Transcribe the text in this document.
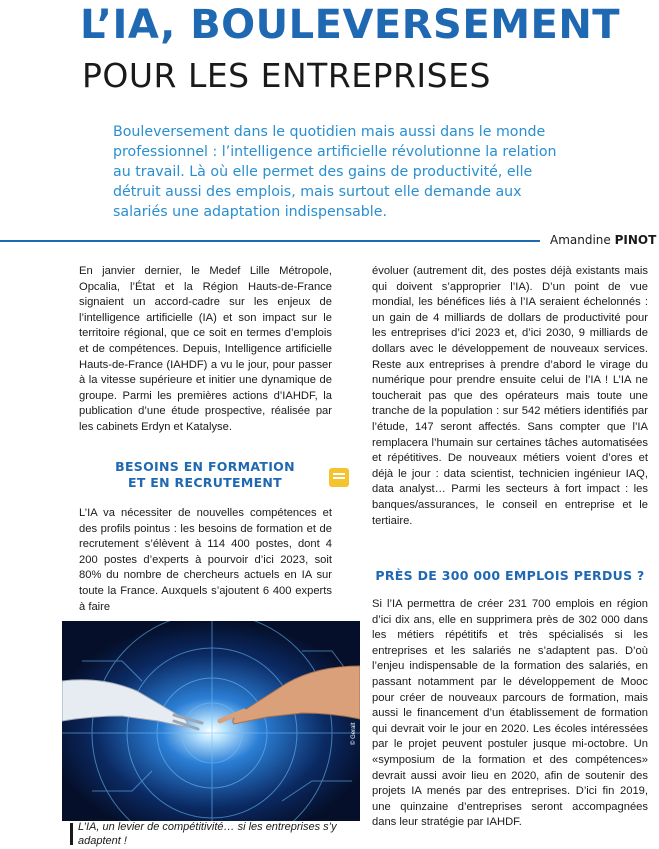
L’IA, BOULEVERSEMENT
POUR LES ENTREPRISES

Bouleversement dans le quotidien mais aussi dans le monde professionnel : l’intelligence artificielle révolutionne la relation au travail. Là où elle permet des gains de productivité, elle détruit aussi des emplois, mais surtout elle demande aux salariés une adaptation indispensable.

Amandine PINOT

En janvier dernier, le Medef Lille Métropole, Opcalia, l’État et la Région Hauts-de-France signaient un accord-cadre sur les enjeux de l’intelligence artificielle (IA) et son impact sur le territoire régional, que ce soit en termes d’emplois et de compétences. Depuis, Intelligence artificielle Hauts-de-France (IAHDF) a vu le jour, pour passer à la vitesse supérieure et initier une dynamique de groupe. Parmi les premières actions d’IAHDF, la publication d’une étude prospective, réalisée par les cabinets Erdyn et Katalyse.

BESOINS EN FORMATION
ET EN RECRUTEMENT

L’IA va nécessiter de nouvelles compétences et des profils pointus : les besoins de formation et de recrutement s’élèvent à 114 400 postes, dont 4 200 postes d’experts à pourvoir d’ici 2023, soit 80% du nombre de chercheurs actuels en IA sur toute la France. Auxquels s’ajoutent 6 400 experts à faire

évoluer (autrement dit, des postes déjà existants mais qui doivent s’approprier l’IA). D’un point de vue mondial, les bénéfices liés à l’IA seraient échelonnés : un gain de 4 milliards de dollars de productivité pour les entreprises d’ici 2023 et, d’ici 2030, 9 milliards de dollars avec le développement de nouveaux services. Reste aux entreprises à prendre d’abord le virage du numérique pour prendre ensuite celui de l’IA ! L’IA ne toucherait pas que des opérateurs mais toute une tranche de la population : sur 542 métiers identifiés par l’étude, 147 seront affectés. Sans compter que l’IA remplacera l’humain sur certaines tâches automatisées et répétitives. De nouveaux métiers voient d’ores et déjà le jour : data scientist, technicien ingénieur IAQ, data analyst… Parmi les secteurs à fort impact : les banques/assurances, le conseil en entreprise et le tertiaire.

PRÈS DE 300 000 EMPLOIS PERDUS ?

Si l’IA permettra de créer 231 700 emplois en région d’ici dix ans, elle en supprimera près de 302 000 dans les métiers répétitifs et très spécialisés si les entreprises et les salariés ne s’adaptent pas. D’où l’enjeu indispensable de la formation des salariés, en passant notamment par le développement de Mooc pour créer de nouveaux parcours de formation, mais aussi le financement d’un établissement de formation qui devrait voir le jour en 2020. Les écoles intéressées par le projet peuvent postuler jusque mi-octobre. Un «symposium de la formation et des compétences» devrait aussi avoir lieu en 2020, afin de soutenir des projets IA menés par des entreprises. D’ici fin 2019, une quinzaine d’entreprises seront accompagnées dans leur stratégie par IAHDF.

© Geralt

L’IA, un levier de compétitivité… si les entreprises s’y adaptent !
